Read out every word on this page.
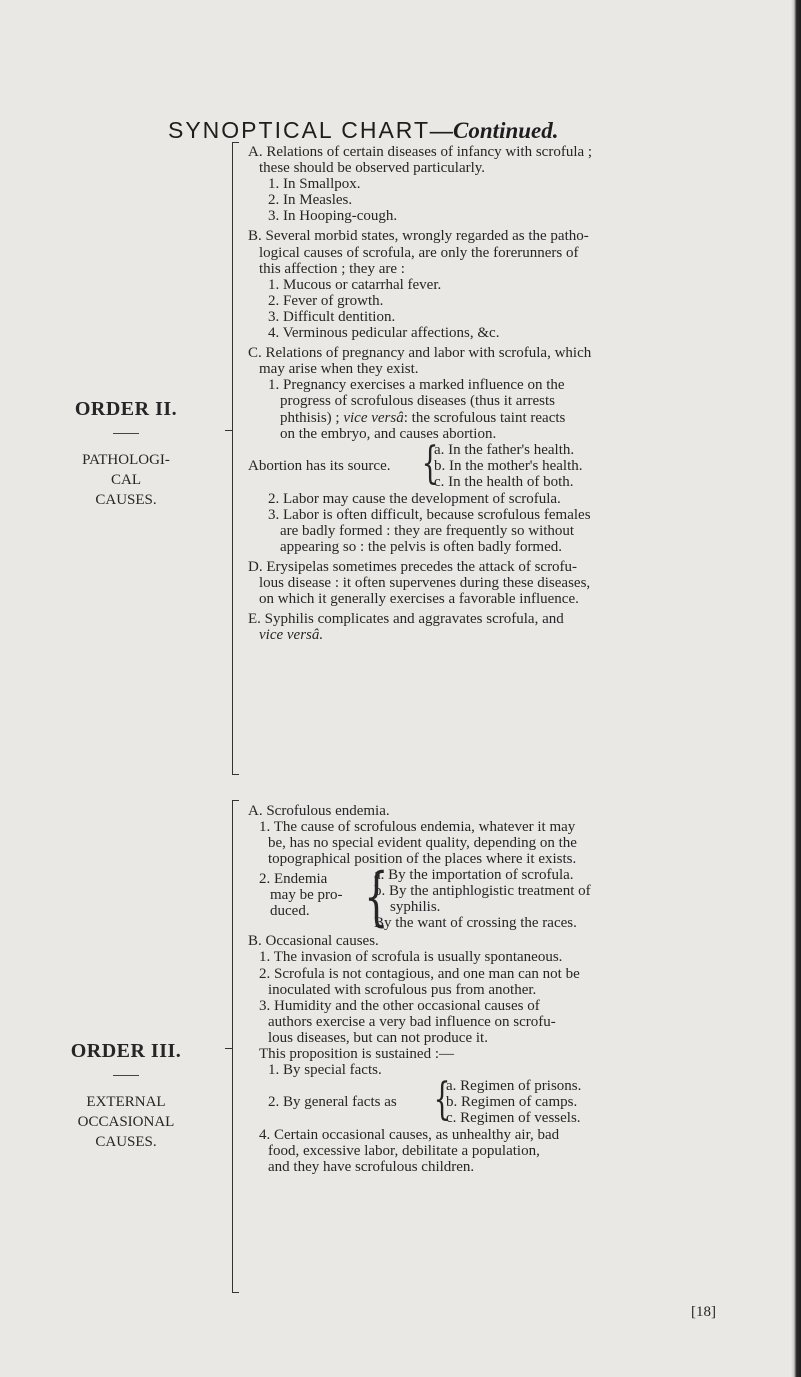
SYNOPTICAL CHART—Continued.
ORDER II.
PATHOLOGI-
CAL
CAUSES.
A. Relations of certain diseases of infancy with scrofula ;
these should be observed particularly.
1. In Smallpox.
2. In Measles.
3. In Hooping-cough.
B. Several morbid states, wrongly regarded as the patho-
logical causes of scrofula, are only the forerunners of
this affection ; they are :
1. Mucous or catarrhal fever.
2. Fever of growth.
3. Difficult dentition.
4. Verminous pedicular affections, &c.
C. Relations of pregnancy and labor with scrofula, which
may arise when they exist.
1. Pregnancy exercises a marked influence on the
progress of scrofulous diseases (thus it arrests
phthisis) ; vice versâ: the scrofulous taint reacts
on the embryo, and causes abortion.
Abortion has its source. {
a. In the father's health.
b. In the mother's health.
c. In the health of both.
2. Labor may cause the development of scrofula.
3. Labor is often difficult, because scrofulous females
are badly formed : they are frequently so without
appearing so : the pelvis is often badly formed.
D. Erysipelas sometimes precedes the attack of scrofu-
lous disease : it often supervenes during these diseases,
on which it generally exercises a favorable influence.
E. Syphilis complicates and aggravates scrofula, and
vice versâ.
ORDER III.
EXTERNAL
OCCASIONAL
CAUSES.
A. Scrofulous endemia.
1. The cause of scrofulous endemia, whatever it may
be, has no special evident quality, depending on the
topographical position of the places where it exists.
2. Endemia
may be pro-
duced. {
a. By the importation of scrofula.
b. By the antiphlogistic treatment of
syphilis.
By the want of crossing the races.
B. Occasional causes.
1. The invasion of scrofula is usually spontaneous.
2. Scrofula is not contagious, and one man can not be
inoculated with scrofulous pus from another.
3. Humidity and the other occasional causes of
authors exercise a very bad influence on scrofu-
lous diseases, but can not produce it.
This proposition is sustained :—
1. By special facts.
2. By general facts as {
a. Regimen of prisons.
b. Regimen of camps.
c. Regimen of vessels.
4. Certain occasional causes, as unhealthy air, bad
food, excessive labor, debilitate a population,
and they have scrofulous children.
[18]
